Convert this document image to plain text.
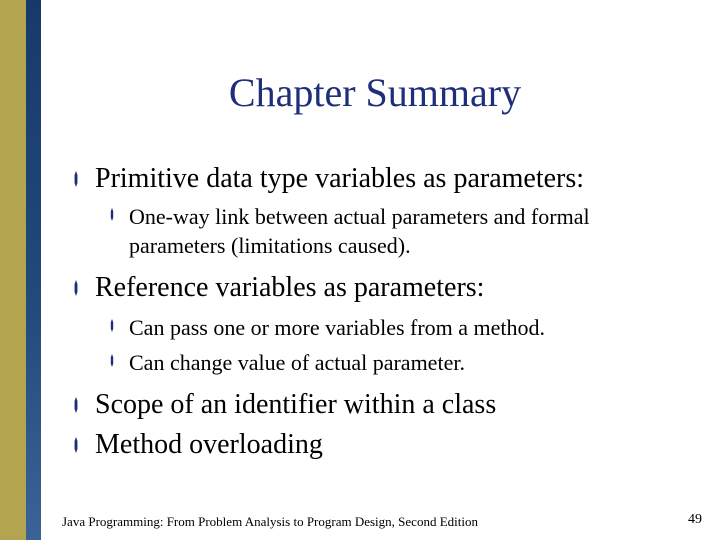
Chapter Summary
Primitive data type variables as parameters:
One-way link between actual parameters and formal parameters (limitations caused).
Reference variables as parameters:
Can pass one or more variables from a method.
Can change value of actual parameter.
Scope of an identifier within a class
Method overloading
Java Programming: From Problem Analysis to Program Design, Second Edition	49
